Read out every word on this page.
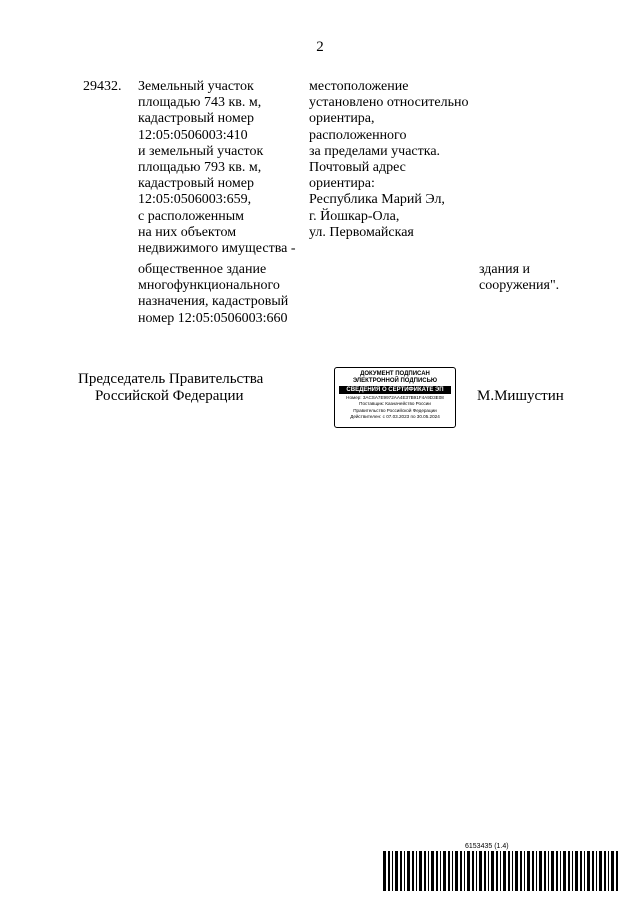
2
29432. Земельный участок
площадью 743 кв. м,
кадастровый номер
12:05:0506003:410
и земельный участок
площадью 793 кв. м,
кадастровый номер
12:05:0506003:659,
с расположенным
на них объектом
недвижимого имущества -
местоположение
установлено относительно
ориентира,
расположенного
за пределами участка.
Почтовый адрес
ориентира:
Республика Марий Эл,
г. Йошкар-Ола,
ул. Первомайская
общественное здание
многофункционального
назначения, кадастровый
номер 12:05:0506003:660
здания и
сооружения".
Председатель Правительства
Российской Федерации	М.Мишустин
ДОКУМЕНТ ПОДПИСАН
ЭЛЕКТРОННОЙ ПОДПИСЬЮ
СВЕДЕНИЯ О СЕРТИФИКАТЕ ЭП
Номер: 3ACSA7E9972AA4E37B91F4A9D3E08
Поставщик: Казначейство России
Правительство Российской Федерации
Действителен: с 07.03.2023 по 30.05.2024
6153435 (1.4)
